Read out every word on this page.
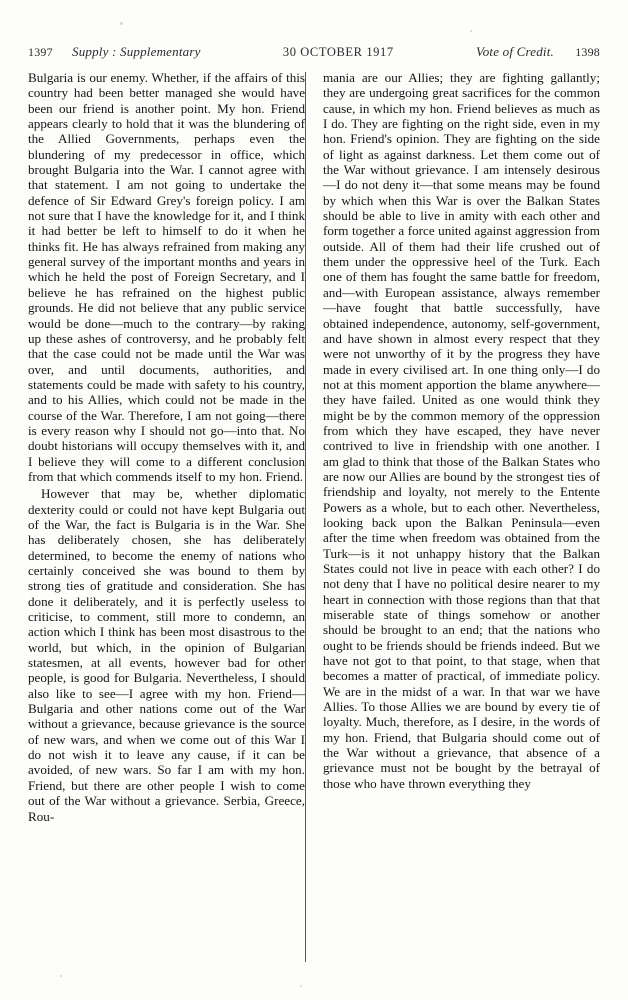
1397	Supply : Supplementary	30 OCTOBER 1917	Vote of Credit.	1398

Bulgaria is our enemy. Whether, if the affairs of this country had been better managed she would have been our friend is another point. My hon. Friend appears clearly to hold that it was the blundering of the Allied Governments, perhaps even the blundering of my predecessor in office, which brought Bulgaria into the War. I cannot agree with that statement. I am not going to undertake the defence of Sir Edward Grey's foreign policy. I am not sure that I have the knowledge for it, and I think it had better be left to himself to do it when he thinks fit. He has always refrained from making any general survey of the important months and years in which he held the post of Foreign Secretary, and I believe he has refrained on the highest public grounds. He did not believe that any public service would be done—much to the contrary—by raking up these ashes of controversy, and he probably felt that the case could not be made until the War was over, and until documents, authorities, and statements could be made with safety to his country, and to his Allies, which could not be made in the course of the War. Therefore, I am not going—there is every reason why I should not go—into that. No doubt historians will occupy themselves with it, and I believe they will come to a different conclusion from that which commends itself to my hon. Friend.

However that may be, whether diplomatic dexterity could or could not have kept Bulgaria out of the War, the fact is Bulgaria is in the War. She has deliberately chosen, she has deliberately determined, to become the enemy of nations who certainly conceived she was bound to them by strong ties of gratitude and consideration. She has done it deliberately, and it is perfectly useless to criticise, to comment, still more to condemn, an action which I think has been most disastrous to the world, but which, in the opinion of Bulgarian statesmen, at all events, however bad for other people, is good for Bulgaria. Nevertheless, I should also like to see—I agree with my hon. Friend—Bulgaria and other nations come out of the War without a grievance, because grievance is the source of new wars, and when we come out of this War I do not wish it to leave any cause, if it can be avoided, of new wars. So far I am with my hon. Friend, but there are other people I wish to come out of the War without a grievance. Serbia, Greece, Rou-

mania are our Allies; they are fighting gallantly; they are undergoing great sacrifices for the common cause, in which my hon. Friend believes as much as I do. They are fighting on the right side, even in my hon. Friend's opinion. They are fighting on the side of light as against darkness. Let them come out of the War without grievance. I am intensely desirous—I do not deny it—that some means may be found by which when this War is over the Balkan States should be able to live in amity with each other and form together a force united against aggression from outside. All of them had their life crushed out of them under the oppressive heel of the Turk. Each one of them has fought the same battle for freedom, and—with European assistance, always remember—have fought that battle successfully, have obtained independence, autonomy, self-government, and have shown in almost every respect that they were not unworthy of it by the progress they have made in every civilised art. In one thing only—I do not at this moment apportion the blame anywhere—they have failed. United as one would think they might be by the common memory of the oppression from which they have escaped, they have never contrived to live in friendship with one another. I am glad to think that those of the Balkan States who are now our Allies are bound by the strongest ties of friendship and loyalty, not merely to the Entente Powers as a whole, but to each other. Nevertheless, looking back upon the Balkan Peninsula—even after the time when freedom was obtained from the Turk—is it not unhappy history that the Balkan States could not live in peace with each other? I do not deny that I have no political desire nearer to my heart in connection with those regions than that that miserable state of things somehow or another should be brought to an end; that the nations who ought to be friends should be friends indeed. But we have not got to that point, to that stage, when that becomes a matter of practical, of immediate policy. We are in the midst of a war. In that war we have Allies. To those Allies we are bound by every tie of loyalty. Much, therefore, as I desire, in the words of my hon. Friend, that Bulgaria should come out of the War without a grievance, that absence of a grievance must not be bought by the betrayal of those who have thrown everything they
